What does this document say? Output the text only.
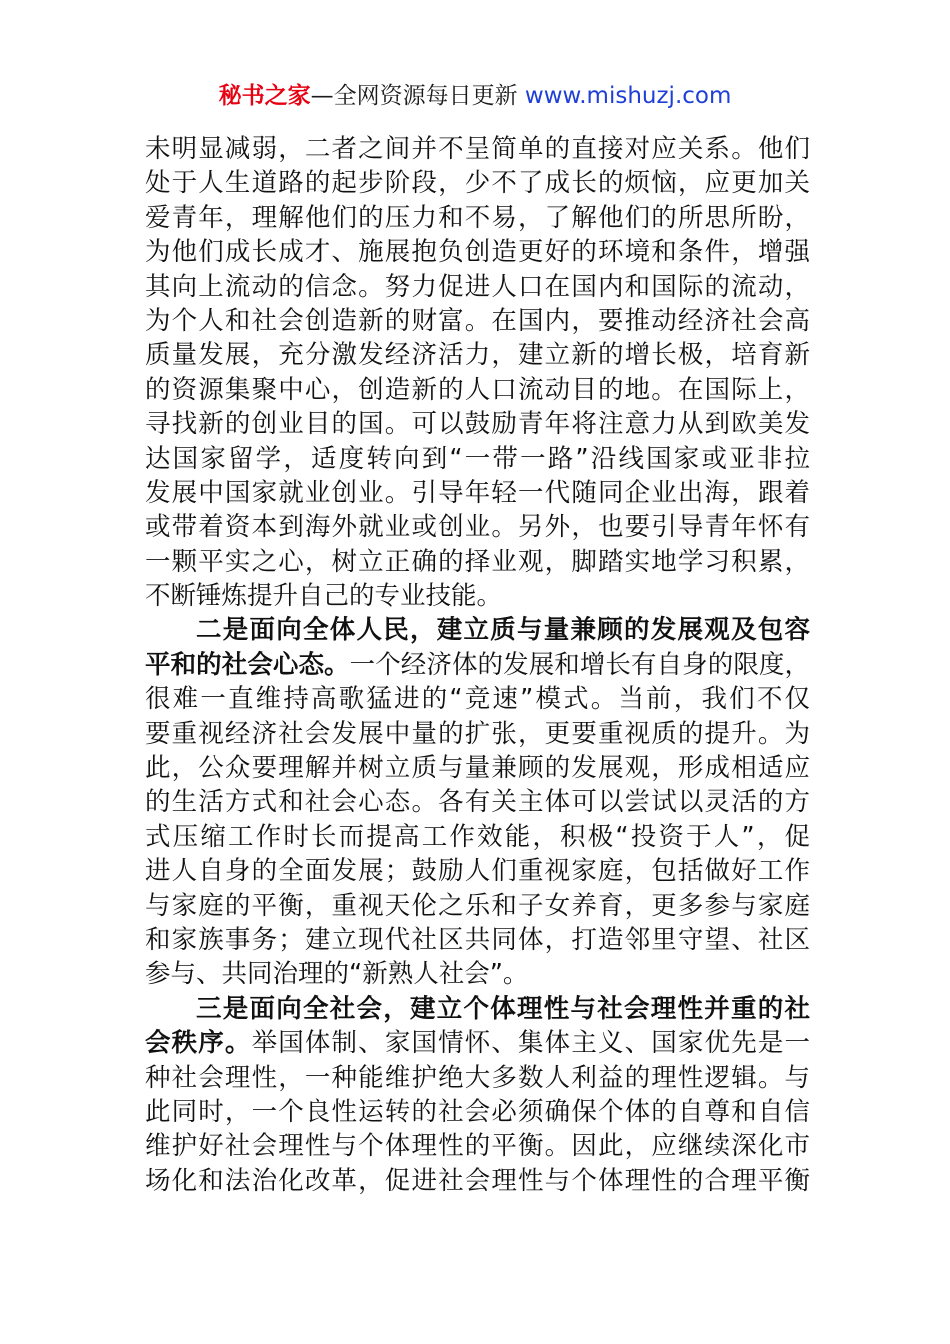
秘书之家—全网资源每日更新 www.mishuzj.com
未明显减弱，二者之间并不呈简单的直接对应关系。他们
处于人生道路的起步阶段，少不了成长的烦恼，应更加关
爱青年，理解他们的压力和不易，了解他们的所思所盼，
为他们成长成才、施展抱负创造更好的环境和条件，增强
其向上流动的信念。努力促进人口在国内和国际的流动，
为个人和社会创造新的财富。在国内，要推动经济社会高
质量发展，充分激发经济活力，建立新的增长极，培育新
的资源集聚中心，创造新的人口流动目的地。在国际上，
寻找新的创业目的国。可以鼓励青年将注意力从到欧美发
达国家留学，适度转向到“一带一路”沿线国家或亚非拉
发展中国家就业创业。引导年轻一代随同企业出海，跟着
或带着资本到海外就业或创业。另外，也要引导青年怀有
一颗平实之心，树立正确的择业观，脚踏实地学习积累，
不断锤炼提升自己的专业技能。
二是面向全体人民，建立质与量兼顾的发展观及包容
平和的社会心态。一个经济体的发展和增长有自身的限度，
很难一直维持高歌猛进的“竞速”模式。当前，我们不仅
要重视经济社会发展中量的扩张，更要重视质的提升。为
此，公众要理解并树立质与量兼顾的发展观，形成相适应
的生活方式和社会心态。各有关主体可以尝试以灵活的方
式压缩工作时长而提高工作效能，积极“投资于人”，促
进人自身的全面发展；鼓励人们重视家庭，包括做好工作
与家庭的平衡，重视天伦之乐和子女养育，更多参与家庭
和家族事务；建立现代社区共同体，打造邻里守望、社区
参与、共同治理的“新熟人社会”。
三是面向全社会，建立个体理性与社会理性并重的社
会秩序。举国体制、家国情怀、集体主义、国家优先是一
种社会理性，一种能维护绝大多数人利益的理性逻辑。与
此同时，一个良性运转的社会必须确保个体的自尊和自信
维护好社会理性与个体理性的平衡。因此，应继续深化市
场化和法治化改革，促进社会理性与个体理性的合理平衡
